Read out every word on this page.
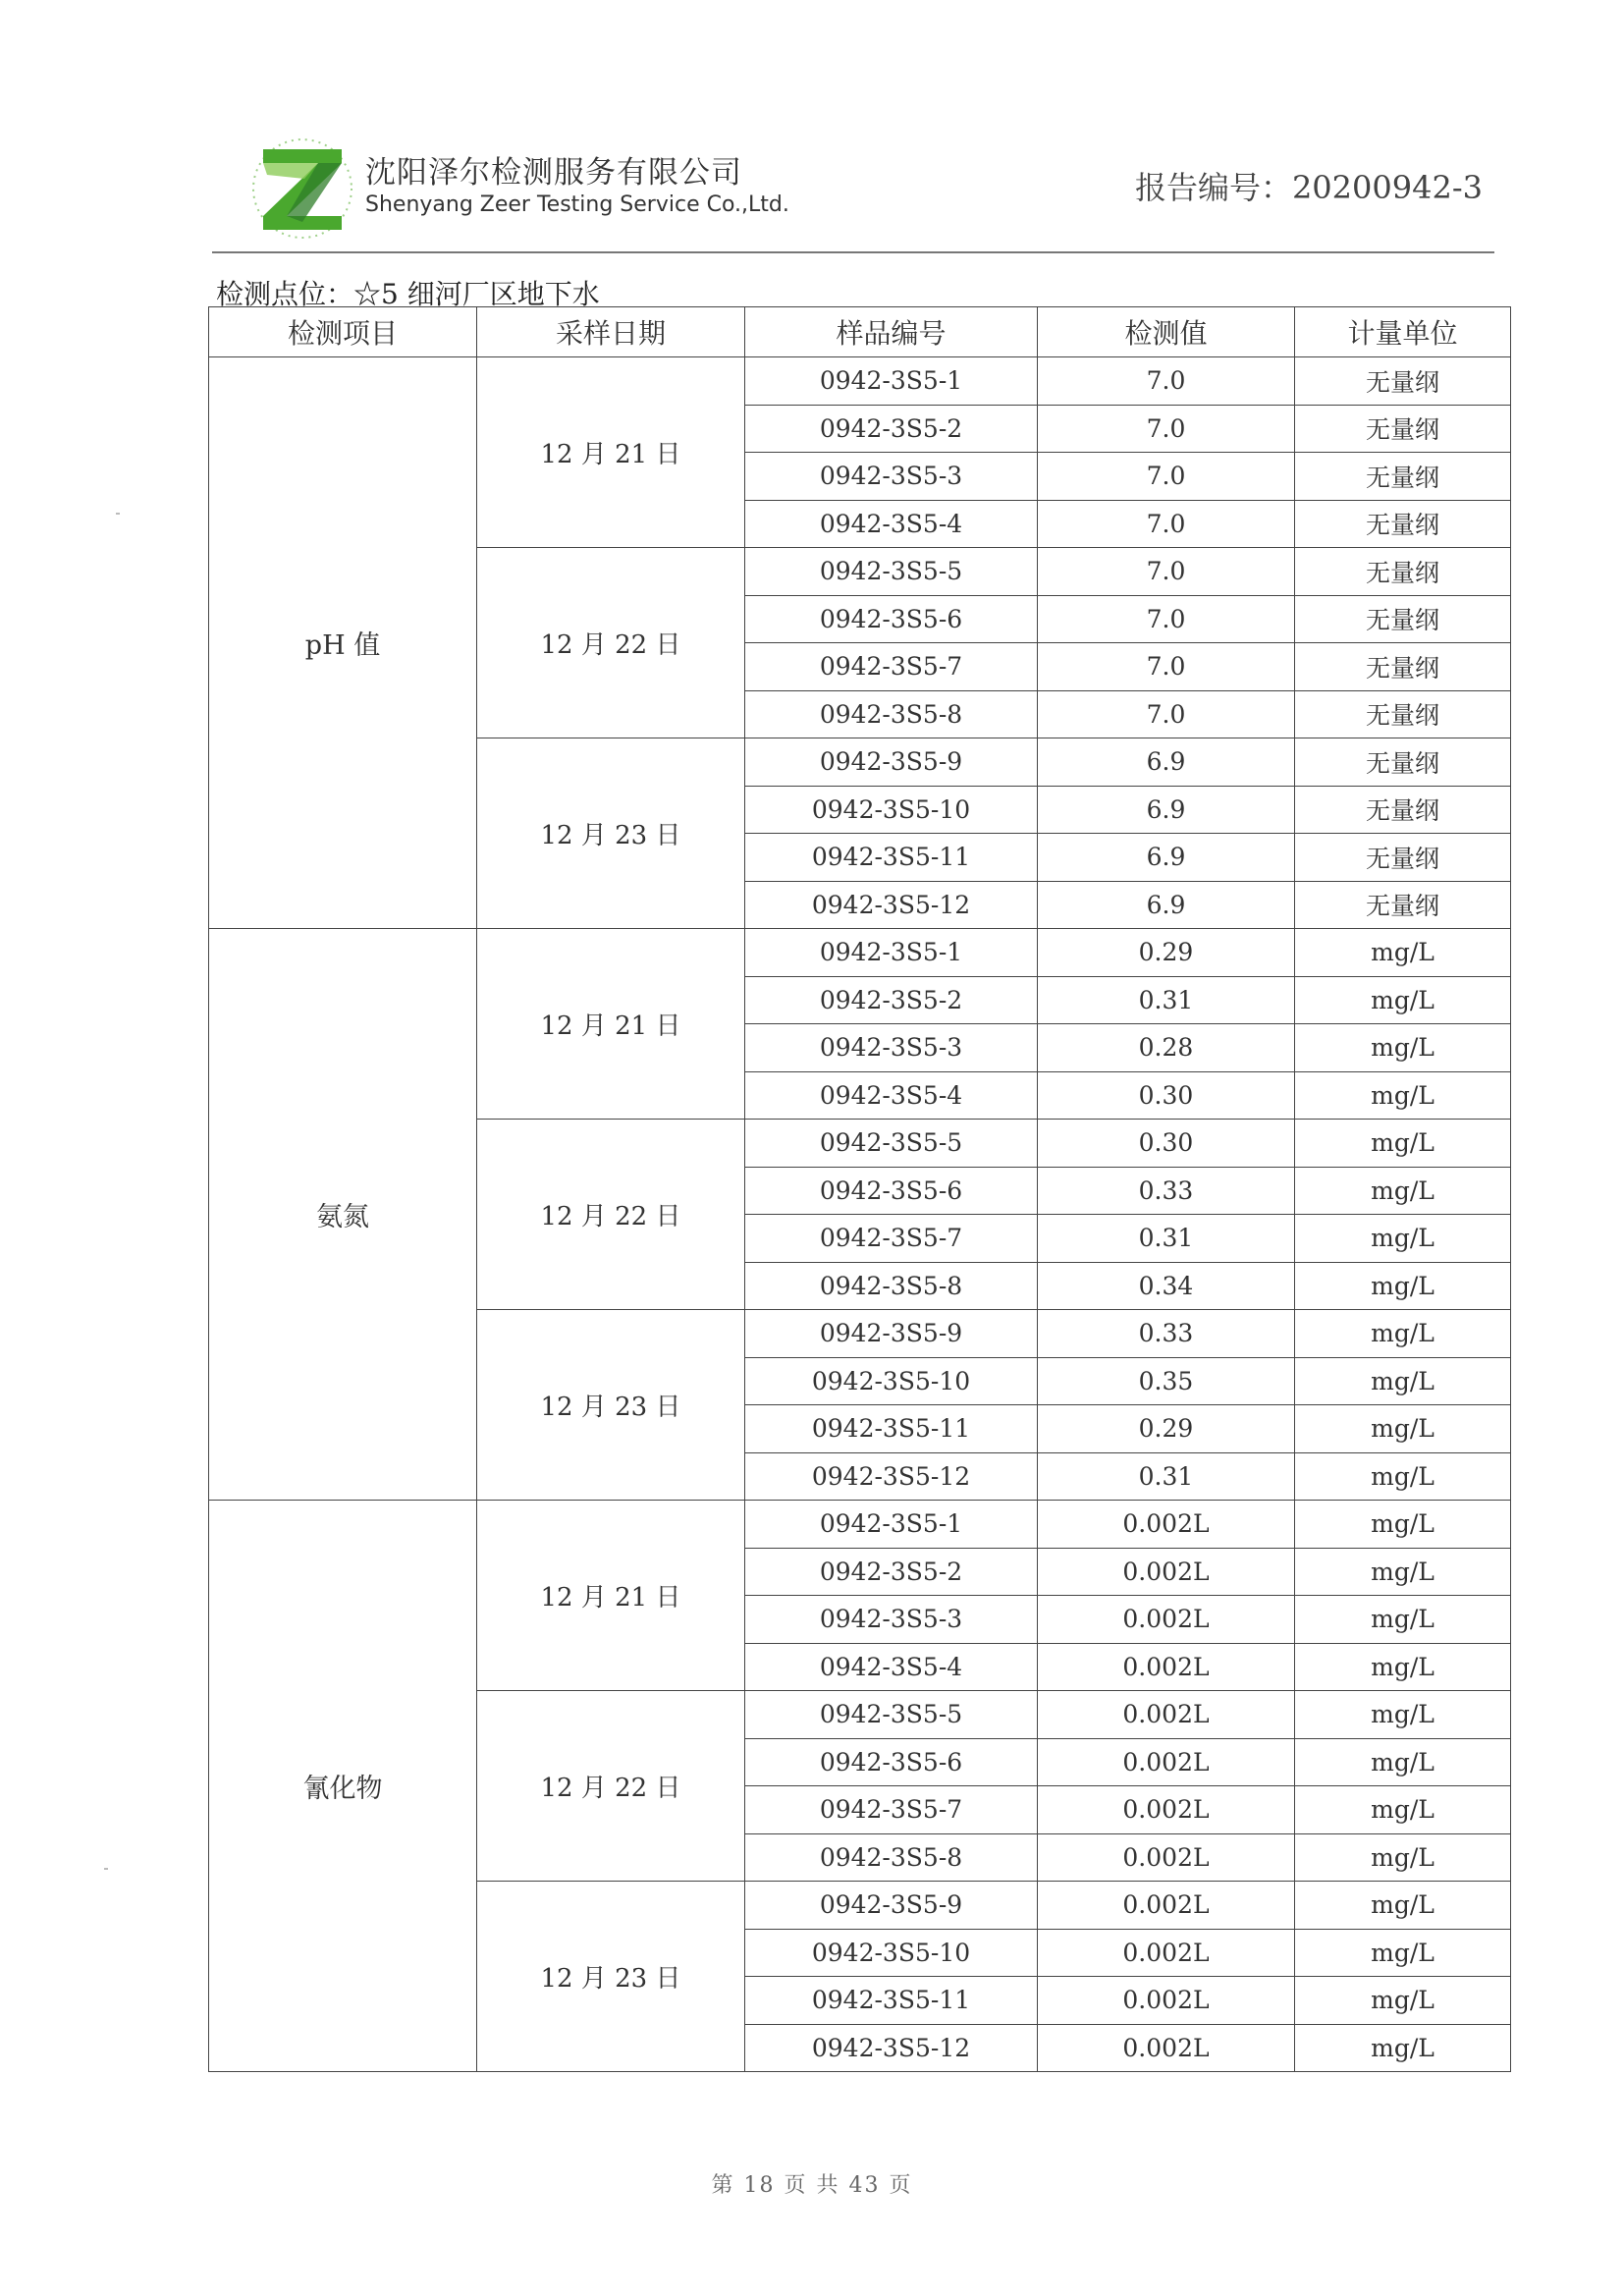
沈阳泽尔检测服务有限公司
Shenyang Zeer Testing Service Co.,Ltd.	报告编号：20200942-3
检测点位：☆5 细河厂区地下水
检测项目	采样日期	样品编号	检测值	计量单位
pH 值	12 月 21 日	0942-3S5-1	7.0	无量纲
		0942-3S5-2	7.0	无量纲
		0942-3S5-3	7.0	无量纲
		0942-3S5-4	7.0	无量纲
	12 月 22 日	0942-3S5-5	7.0	无量纲
		0942-3S5-6	7.0	无量纲
		0942-3S5-7	7.0	无量纲
		0942-3S5-8	7.0	无量纲
	12 月 23 日	0942-3S5-9	6.9	无量纲
		0942-3S5-10	6.9	无量纲
		0942-3S5-11	6.9	无量纲
		0942-3S5-12	6.9	无量纲
氨氮	12 月 21 日	0942-3S5-1	0.29	mg/L
		0942-3S5-2	0.31	mg/L
		0942-3S5-3	0.28	mg/L
		0942-3S5-4	0.30	mg/L
	12 月 22 日	0942-3S5-5	0.30	mg/L
		0942-3S5-6	0.33	mg/L
		0942-3S5-7	0.31	mg/L
		0942-3S5-8	0.34	mg/L
	12 月 23 日	0942-3S5-9	0.33	mg/L
		0942-3S5-10	0.35	mg/L
		0942-3S5-11	0.29	mg/L
		0942-3S5-12	0.31	mg/L
氰化物	12 月 21 日	0942-3S5-1	0.002L	mg/L
		0942-3S5-2	0.002L	mg/L
		0942-3S5-3	0.002L	mg/L
		0942-3S5-4	0.002L	mg/L
	12 月 22 日	0942-3S5-5	0.002L	mg/L
		0942-3S5-6	0.002L	mg/L
		0942-3S5-7	0.002L	mg/L
		0942-3S5-8	0.002L	mg/L
	12 月 23 日	0942-3S5-9	0.002L	mg/L
		0942-3S5-10	0.002L	mg/L
		0942-3S5-11	0.002L	mg/L
		0942-3S5-12	0.002L	mg/L
第 18 页 共 43 页
